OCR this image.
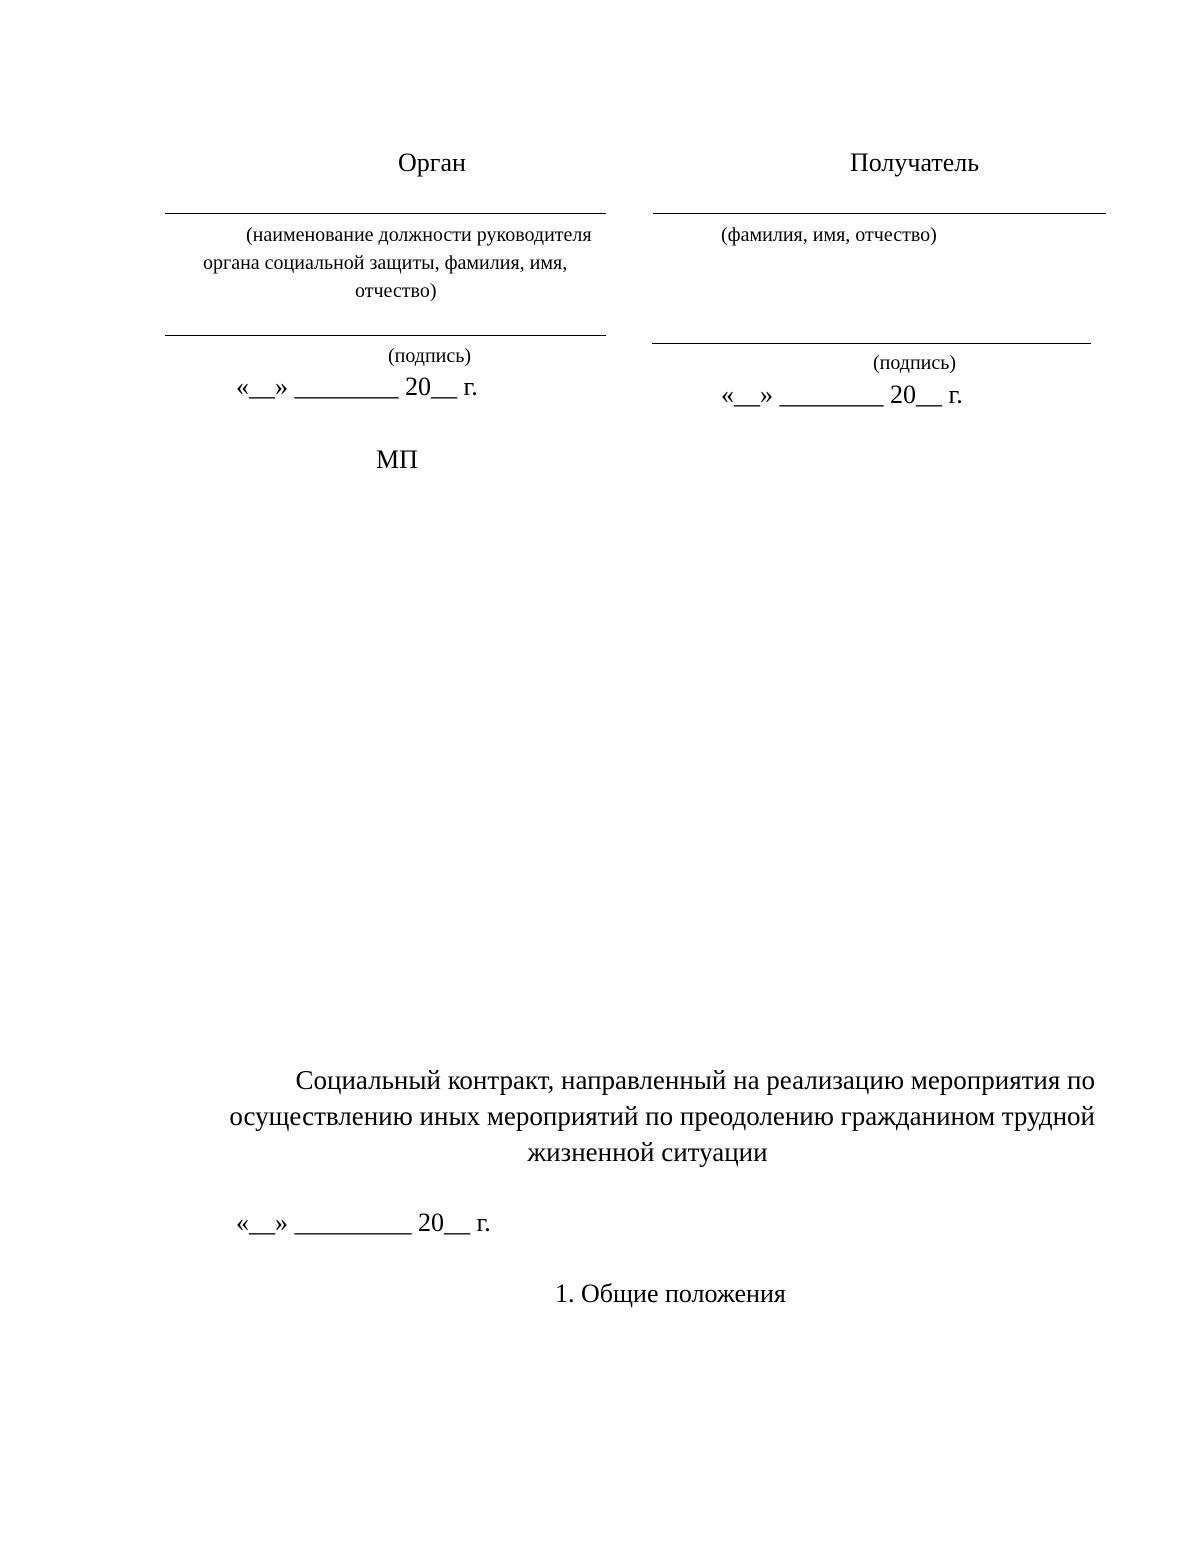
Орган
(наименование должности руководителя
органа социальной защиты, фамилия, имя,
отчество)
(подпись)
«__» ________ 20__ г.
МП
Получатель
(фамилия, имя, отчество)
(подпись)
«__» ________ 20__ г.
Социальный контракт, направленный на реализацию мероприятия по
осуществлению иных мероприятий по преодолению гражданином трудной
жизненной ситуации
«__» _________ 20__ г.
1. Общие положения
